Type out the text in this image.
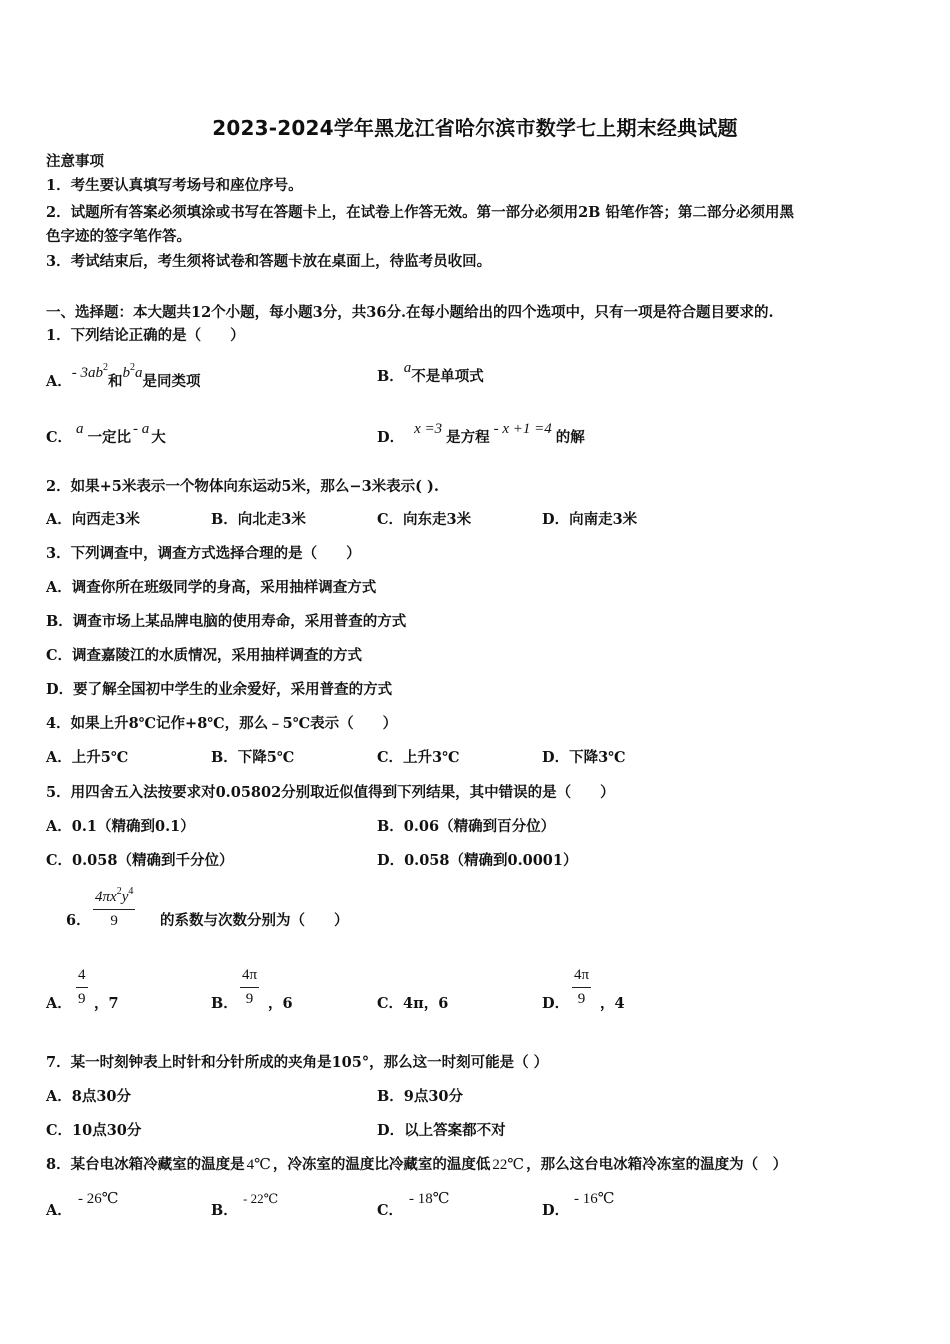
2023-2024学年黑龙江省哈尔滨市数学七上期末经典试题
注意事项
1．考生要认真填写考场号和座位序号。
2．试题所有答案必须填涂或书写在答题卡上，在试卷上作答无效。第一部分必须用2B 铅笔作答；第二部分必须用黑
色字迹的签字笔作答。
3．考试结束后，考生须将试卷和答题卡放在桌面上，待监考员收回。
一、选择题：本大题共12个小题，每小题3分，共36分.在每小题给出的四个选项中，只有一项是符合题目要求的.
1．下列结论正确的是（　　）
A．- $3ab^2$和$b^2a$是同类项	B．a不是单项式
C． a 一定比 - a 大	D． x =3 是方程 - x +1 =4 的解
2．如果+5米表示一个物体向东运动5米，那么−3米表示( ).
A．向西走3米	B．向北走3米	C．向东走3米	D．向南走3米
3．下列调查中，调查方式选择合理的是（　　）
A．调查你所在班级同学的身高，采用抽样调查方式
B．调查市场上某品牌电脑的使用寿命，采用普查的方式
C．调查嘉陵江的水质情况，采用抽样调查的方式
D．要了解全国初中学生的业余爱好，采用普查的方式
4．如果上升8℃记作+8℃，那么﹣5℃表示（　　）
A．上升5℃	B．下降5℃	C．上升3℃	D．下降3℃
5．用四舍五入法按要求对0.05802分别取近似值得到下列结果，其中错误的是（　　）
A．0.1（精确到0.1）	B．0.06（精确到百分位）
C．0.058（精确到千分位）	D．0.058（精确到0.0001）
6． $\frac{4\pi x^2y^4}{9}$ 的系数与次数分别为（　　）
A． $\frac{4}{9}$ ，7	B． $\frac{4\pi}{9}$ ，6	C．4π，6	D． $\frac{4\pi}{9}$ ，4
7．某一时刻钟表上时针和分针所成的夹角是105°，那么这一时刻可能是（ ）
A．8点30分	B．9点30分
C．10点30分	D．以上答案都不对
8．某台电冰箱冷藏室的温度是 4℃ ，冷冻室的温度比冷藏室的温度低 22℃ ，那么这台电冰箱冷冻室的温度为（　）
A．
- 26℃
B．
- 22℃
C．
- 18℃
D．
- 16℃
